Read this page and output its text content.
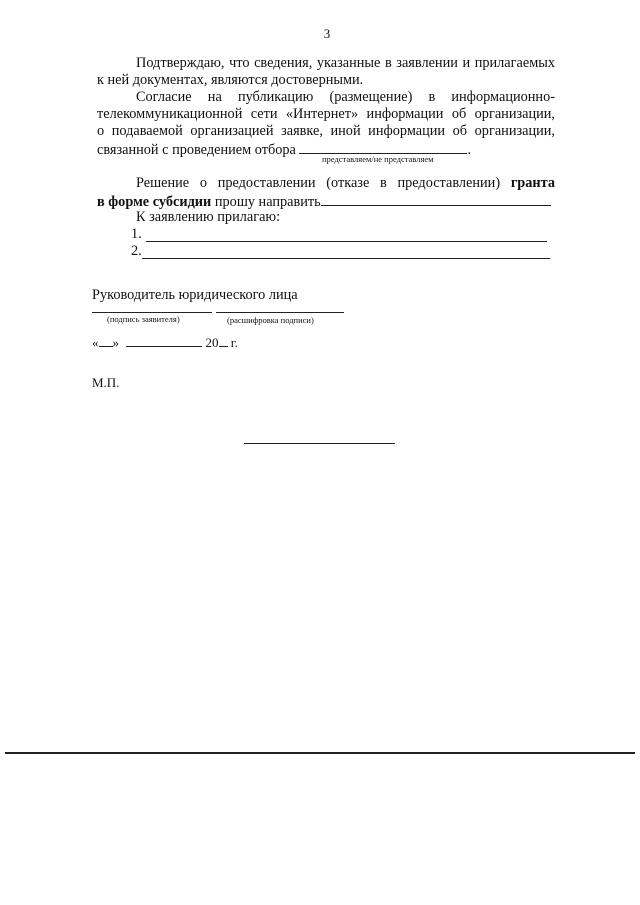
3
Подтверждаю, что сведения, указанные в заявлении и прилагаемых
к ней документах, являются достоверными.
Согласие на публикацию (размещение) в информационно-
телекоммуникационной сети «Интернет» информации об организации,
о подаваемой организацией заявке, иной информации об организации,
связанной с проведением отбора	.
представляем/не представляем
Решение о предоставлении (отказе в предоставлении) гранта
в форме субсидии прошу направить
К заявлению прилагаю:
1.
2.
Руководитель юридического лица
(подпись заявителя)	(расшифровка подписи)
« »	20 г.
М.П.
